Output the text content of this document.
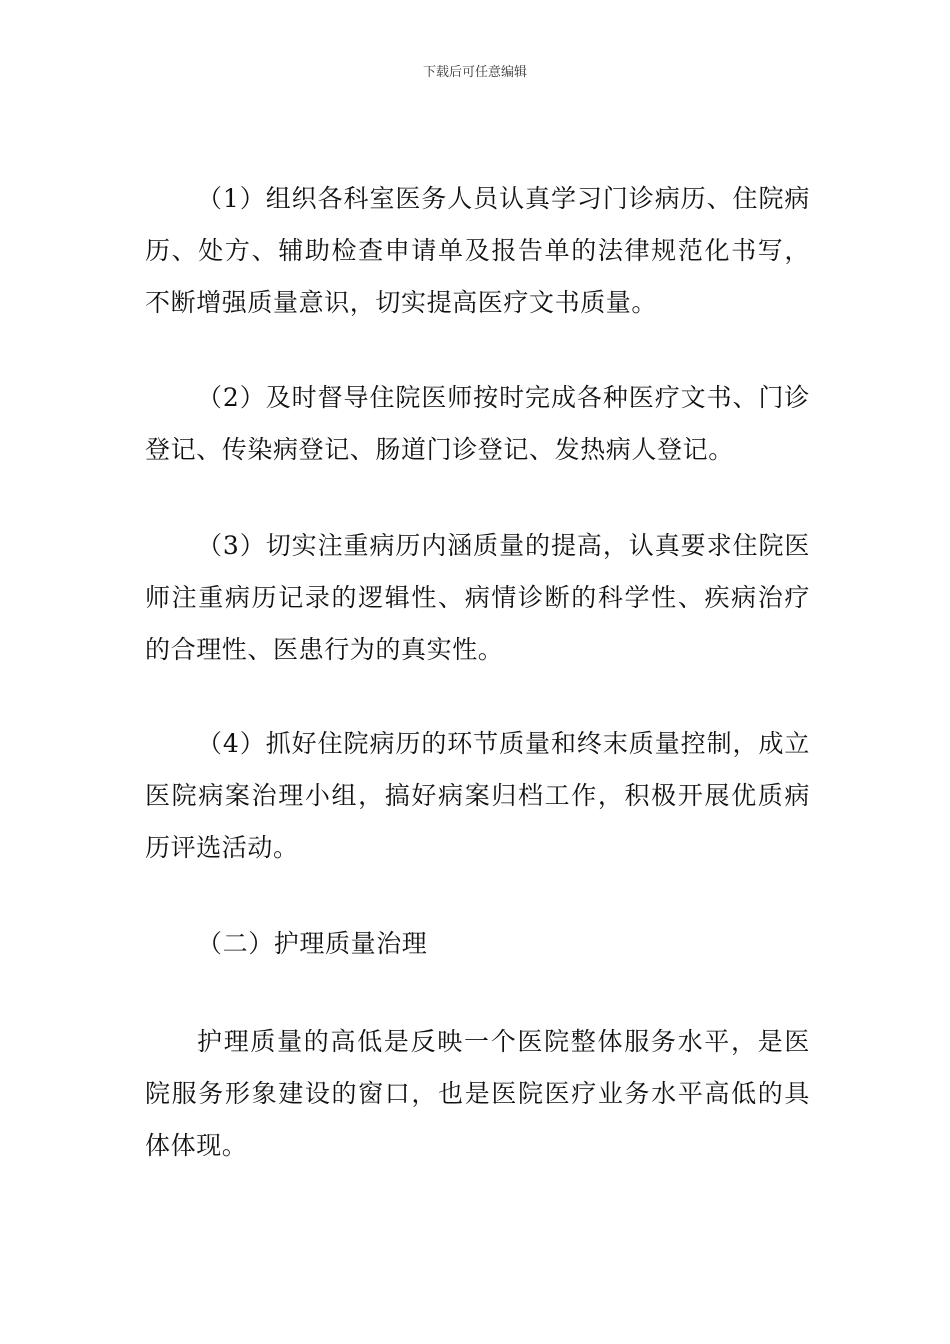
下载后可任意编辑

（1）组织各科室医务人员认真学习门诊病历、住院病历、处方、辅助检查申请单及报告单的法律规范化书写，不断增强质量意识，切实提高医疗文书质量。

（2）及时督导住院医师按时完成各种医疗文书、门诊登记、传染病登记、肠道门诊登记、发热病人登记。

（3）切实注重病历内涵质量的提高，认真要求住院医师注重病历记录的逻辑性、病情诊断的科学性、疾病治疗的合理性、医患行为的真实性。

（4）抓好住院病历的环节质量和终末质量控制，成立医院病案治理小组，搞好病案归档工作，积极开展优质病历评选活动。

（二）护理质量治理

护理质量的高低是反映一个医院整体服务水平，是医院服务形象建设的窗口，也是医院医疗业务水平高低的具体体现。
